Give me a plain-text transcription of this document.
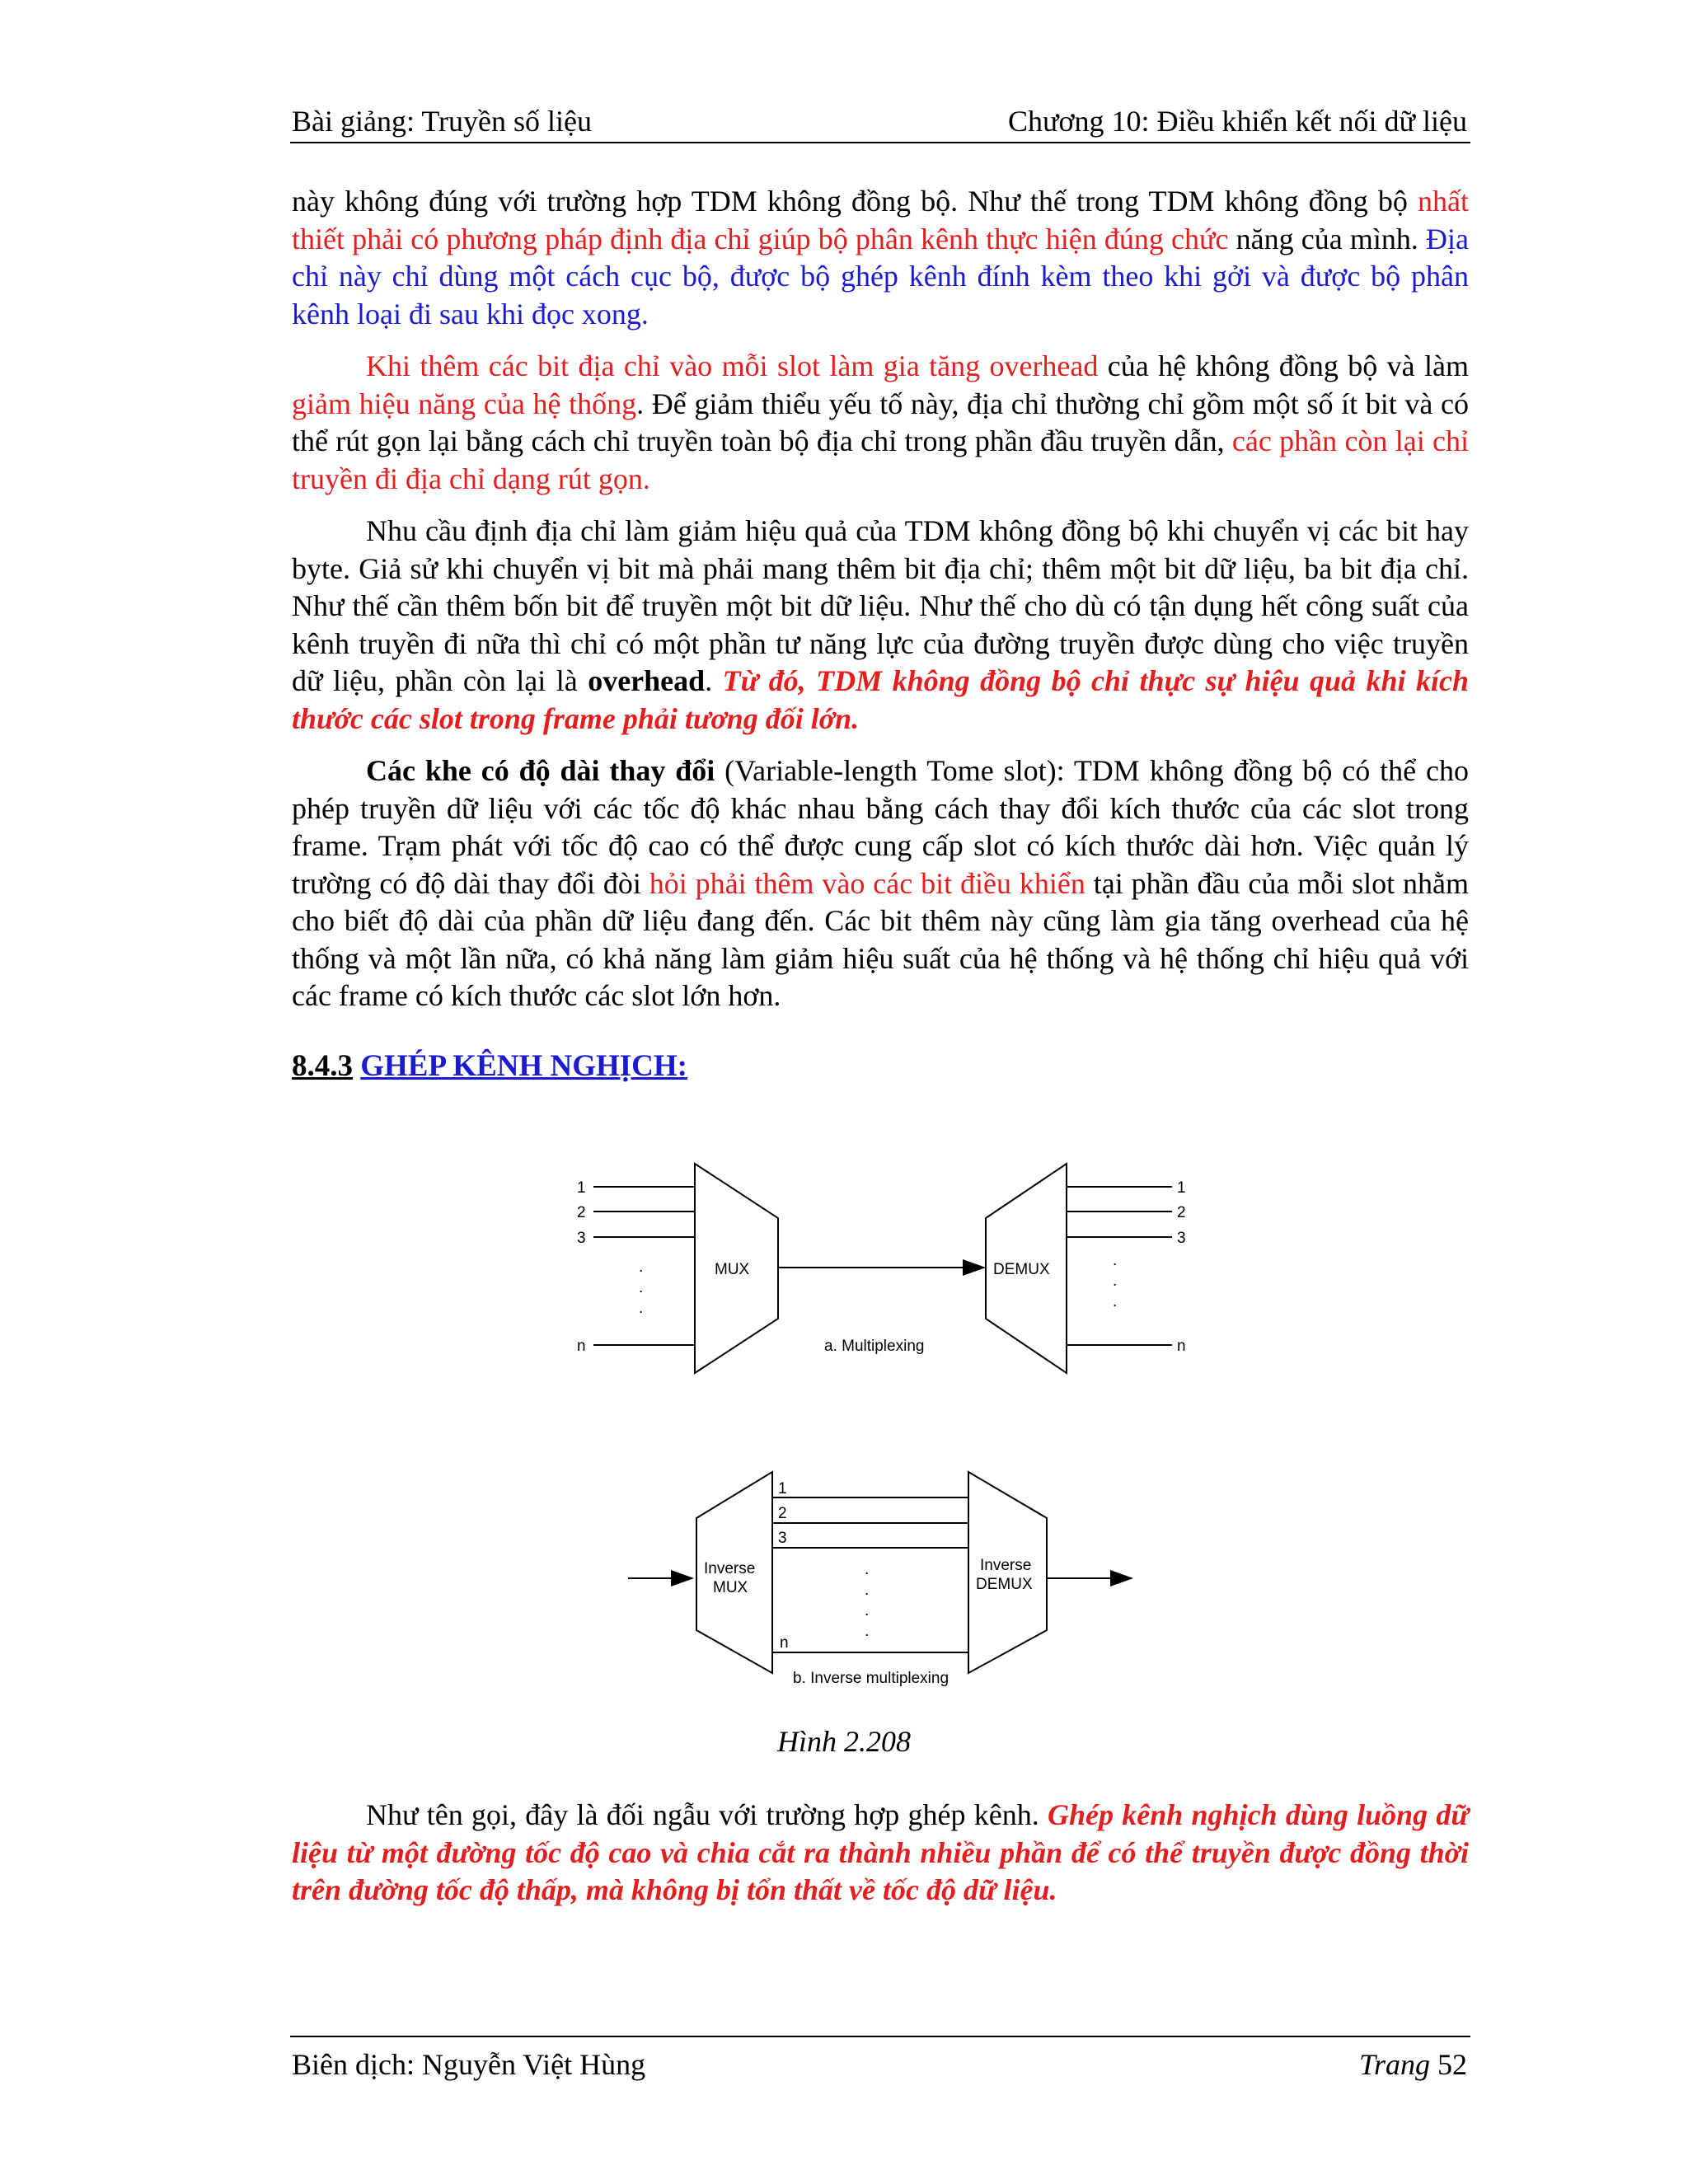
Bài giảng: Truyền số liệu	Chương 10: Điều khiển kết nối dữ liệu

này không đúng với trường hợp TDM không đồng bộ. Như thế trong TDM không đồng bộ nhất thiết phải có phương pháp định địa chỉ giúp bộ phân kênh thực hiện đúng chức năng của mình. Địa chỉ này chỉ dùng một cách cục bộ, được bộ ghép kênh đính kèm theo khi gởi và được bộ phân kênh loại đi sau khi đọc xong.

Khi thêm các bit địa chỉ vào mỗi slot làm gia tăng overhead của hệ không đồng bộ và làm giảm hiệu năng của hệ thống. Để giảm thiểu yếu tố này, địa chỉ thường chỉ gồm một số ít bit và có thể rút gọn lại bằng cách chỉ truyền toàn bộ địa chỉ trong phần đầu truyền dẫn, các phần còn lại chỉ truyền đi địa chỉ dạng rút gọn.

Nhu cầu định địa chỉ làm giảm hiệu quả của TDM không đồng bộ khi chuyển vị các bit hay byte. Giả sử khi chuyển vị bit mà phải mang thêm bit địa chỉ; thêm một bit dữ liệu, ba bit địa chỉ. Như thế cần thêm bốn bit để truyền một bit dữ liệu. Như thế cho dù có tận dụng hết công suất của kênh truyền đi nữa thì chỉ có một phần tư năng lực của đường truyền được dùng cho việc truyền dữ liệu, phần còn lại là overhead. Từ đó, TDM không đồng bộ chỉ thực sự hiệu quả khi kích thước các slot trong frame phải tương đối lớn.

Các khe có độ dài thay đổi (Variable-length Tome slot): TDM không đồng bộ có thể cho phép truyền dữ liệu với các tốc độ khác nhau bằng cách thay đổi kích thước của các slot trong frame. Trạm phát với tốc độ cao có thể được cung cấp slot có kích thước dài hơn. Việc quản lý trường có độ dài thay đổi đòi hỏi phải thêm vào các bit điều khiển tại phần đầu của mỗi slot nhằm cho biết độ dài của phần dữ liệu đang đến. Các bit thêm này cũng làm gia tăng overhead của hệ thống và một lần nữa, có khả năng làm giảm hiệu suất của hệ thống và hệ thống chỉ hiệu quả với các frame có kích thước các slot lớn hơn.

8.4.3 GHÉP KÊNH NGHỊCH:
1
2
3
n
.
.
.
MUX	DEMUX
1
2
3
n
.
.
.
a. Multiplexing
Inverse
MUX
1
2
3
n
.
.
.
.
Inverse
DEMUX
b. Inverse multiplexing
Hình 2.208

Như tên gọi, đây là đối ngẫu với trường hợp ghép kênh. Ghép kênh nghịch dùng luồng dữ liệu từ một đường tốc độ cao và chia cắt ra thành nhiều phần để có thể truyền được đồng thời trên đường tốc độ thấp, mà không bị tổn thất về tốc độ dữ liệu.

Biên dịch: Nguyễn Việt Hùng	Trang 52
